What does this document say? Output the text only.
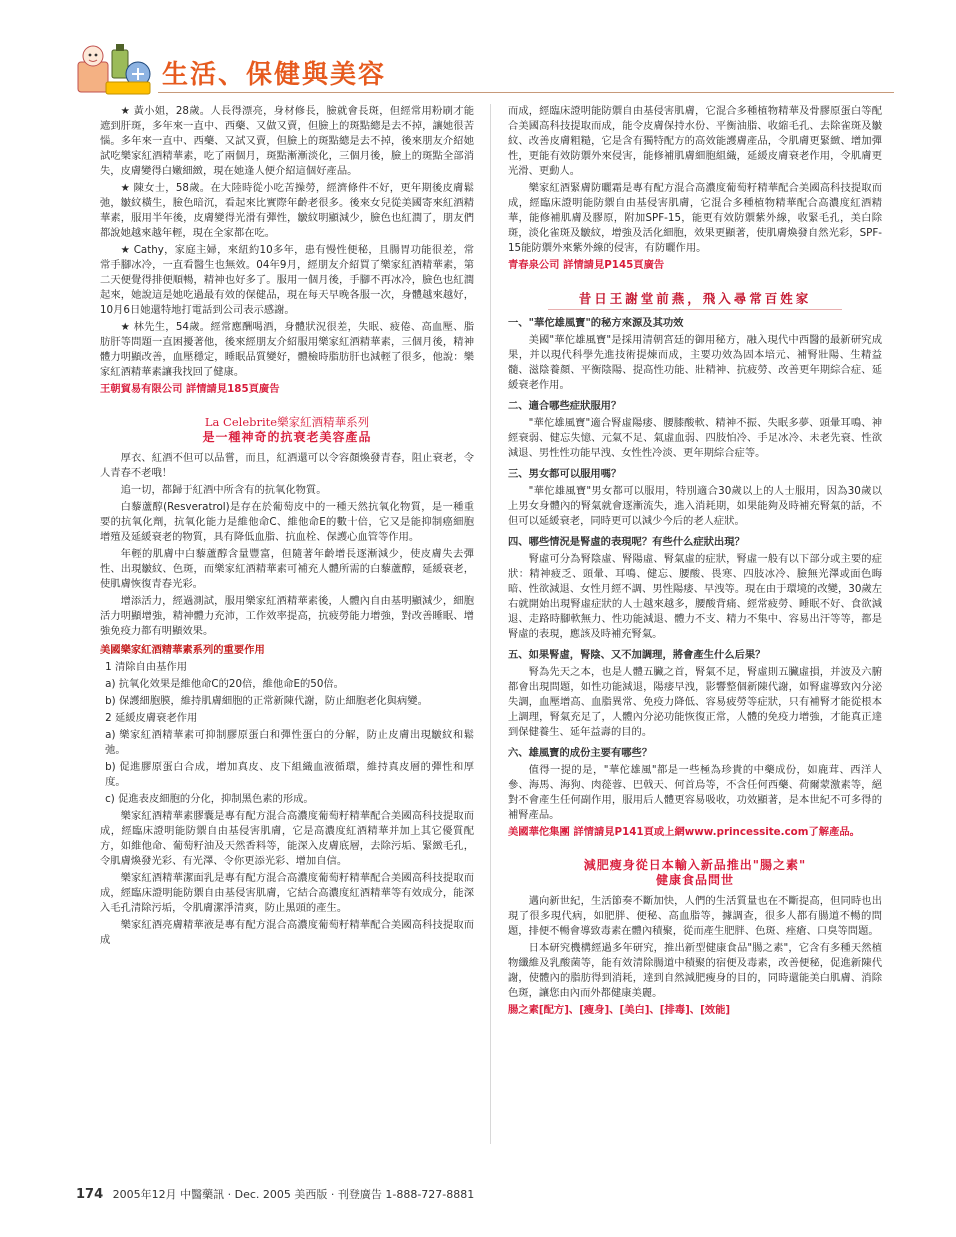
生活、保健與美容

★ 黃小姐，28歲。人長得漂亮，身材修長，臉就會長斑，但經常用粉刷才能遮到肝斑，多年來一直中、西藥、又做又賣，但臉上的斑點總是去不掉，讓她很苦惱。多年來一直中、西藥、又試又賣，但臉上的斑點總是去不掉，後來朋友介紹她試吃樂家紅酒精華素，吃了兩個月，斑點漸漸淡化，三個月後，臉上的斑點全部消失，皮膚變得白嫩細緻，現在她逢人便介紹這個好產品。

★ 陳女士，58歲。在大陸時從小吃苦操勞，經濟條件不好，更年期後皮膚鬆弛，皺紋橫生，臉色暗沉，看起來比實際年齡老很多。後來女兒從美國寄來紅酒精華素，服用半年後，皮膚變得光滑有彈性，皺紋明顯減少，臉色也紅潤了，朋友們都說她越來越年輕，現在全家都在吃。

★ Cathy，家庭主婦，來紐約10多年，患有慢性便秘，且腸胃功能很差，常常手腳冰冷，一直看醫生也無效。04年9月，經朋友介紹買了樂家紅酒精華素，第二天便覺得排便順暢，精神也好多了。服用一個月後，手腳不再冰冷，臉色也紅潤起來，她說這是她吃過最有效的保健品，現在每天早晚各服一次，身體越來越好，10月6日她還特地打電話到公司表示感謝。

★ 林先生，54歲。經常應酬喝酒，身體狀況很差，失眠、疲倦、高血壓、脂肪肝等問題一直困擾著他，後來經朋友介紹服用樂家紅酒精華素，三個月後，精神體力明顯改善，血壓穩定，睡眠品質變好，體檢時脂肪肝也減輕了很多，他說：樂家紅酒精華素讓我找回了健康。

王朝貿易有限公司 詳情請見185頁廣告
La Celebrite樂家紅酒精華系列
是一種神奇的抗衰老美容產品

厚衣、紅酒不但可以品嘗，而且，紅酒還可以令容顏煥發青春，阻止衰老，令人青春不老哦！

追一切，都歸于紅酒中所含有的抗氧化物質。

白藜蘆醇(Resveratrol)是存在於葡萄皮中的一種天然抗氧化物質，是一種重要的抗氧化劑，抗氧化能力是維他命C、維他命E的數十倍，它又是能抑制癌細胞增殖及延緩衰老的物質，具有降低血脂、抗血栓、保護心血管等作用。

年輕的肌膚中白藜蘆醇含量豐富，但隨著年齡增長逐漸減少，使皮膚失去彈性、出現皺紋、色斑，而樂家紅酒精華素可補充人體所需的白藜蘆醇，延緩衰老，使肌膚恢復青春光彩。

增添活力，經過測試，服用樂家紅酒精華素後，人體內自由基明顯減少，細胞活力明顯增強，精神體力充沛，工作效率提高，抗疲勞能力增強，對改善睡眠、增強免疫力都有明顯效果。

美國樂家紅酒精華素系列的重要作用
1 清除自由基作用
a) 抗氧化效果是維他命C的20倍，維他命E的50倍。
b) 保護細胞膜，維持肌膚細胞的正常新陳代謝，防止細胞老化與病變。
2 延緩皮膚衰老作用
a) 樂家紅酒精華素可抑制膠原蛋白和彈性蛋白的分解，防止皮膚出現皺紋和鬆弛。
b) 促進膠原蛋白合成，增加真皮、皮下組織血液循環，維持真皮層的彈性和厚度。
c) 促進表皮細胞的分化，抑制黑色素的形成。

樂家紅酒精華素膠囊是專有配方混合高濃度葡萄籽精華配合美國高科技提取而成，經臨床證明能防禦自由基侵害肌膚，它是高濃度紅酒精華并加上其它優質配方，如維他命、葡萄籽油及天然香料等，能深入皮膚底層，去除污垢、緊緻毛孔，令肌膚煥發光彩、有光澤、令你更添光彩、增加自信。

樂家紅酒精華潔面乳是專有配方混合高濃度葡萄籽精華配合美國高科技提取而成，經臨床證明能防禦自由基侵害肌膚，它結合高濃度紅酒精華等有效成分，能深入毛孔清除污垢，令肌膚潔淨清爽，防止黑頭的產生。

樂家紅酒亮膚精華液是專有配方混合高濃度葡萄籽精華配合美國高科技提取而成

而成，經臨床證明能防禦自由基侵害肌膚，它混合多種植物精華及骨膠原蛋白等配合美國高科技提取而成，能令皮膚保持水份、平衡油脂、收縮毛孔、去除雀斑及皺紋、改善皮膚粗糙，它是含有獨特配方的高效能護膚產品，令肌膚更緊緻、增加彈性，更能有效防禦外來侵害，能修補肌膚細胞組織，延緩皮膚衰老作用，令肌膚更光滑、更動人。

樂家紅酒緊膚防曬霜是專有配方混合高濃度葡萄籽精華配合美國高科技提取而成，經臨床證明能防禦自由基侵害肌膚，它混合多種植物精華配合高濃度紅酒精華，能修補肌膚及膠原，附加SPF-15，能更有效防禦紫外線，收緊毛孔，美白除斑，淡化雀斑及皺紋，增強及活化細胞，效果更顯著，使肌膚煥發自然光彩，SPF-15能防禦外來紫外線的侵害，有防曬作用。

青春泉公司 詳情請見P145頁廣告
昔日王謝堂前燕，飛入尋常百姓家
一、"華佗雄風寶"的秘方來源及其功效

美國"華佗雄風寶"是採用清朝宮廷的御用秘方，融入現代中西醫的最新研究成果，并以現代科學先進技術提煉而成，主要功效為固本培元、補腎壯陽、生精益髓、滋陰養顏、平衡陰陽、提高性功能、壯精神、抗疲勞、改善更年期綜合症、延緩衰老作用。

二、適合哪些症狀服用？

"華佗雄風寶"適合腎虛陽痿、腰膝酸軟、精神不振、失眠多夢、頭暈耳鳴、神經衰弱、健忘失憶、元氣不足、氣虛血弱、四肢怕冷、手足冰冷、未老先衰、性欲減退、男性性功能早洩、女性性冷淡、更年期綜合症等。

三、男女都可以服用嗎？

"華佗雄風寶"男女都可以服用，特別適合30歲以上的人士服用，因為30歲以上男女身體內的腎氣就會逐漸流失，進入消耗期，如果能夠及時補充腎氣的話，不但可以延緩衰老，同時更可以減少今后的老人症狀。

四、哪些情況是腎虛的表現呢？有些什么症狀出現？

腎虛可分為腎陰虛、腎陽虛、腎氣虛的症狀，腎虛一般有以下部分或主要的症狀：精神疲乏、頭暈、耳鳴、健忘、腰酸、畏寒、四肢冰冷、臉無光澤或面色晦暗、性欲減退、女性月經不調、男性陽痿、早洩等。現在由于環境的改變，30歲左右就開始出現腎虛症狀的人士越來越多，腰酸背痛、經常疲勞、睡眠不好、食欲減退、走路時腳軟無力、性功能減退、體力不支、精力不集中、容易出汗等等，都是腎虛的表現，應該及時補充腎氣。

五、如果腎虛，腎陰、又不加調理，將會產生什么后果？

腎為先天之本，也是人體五臟之首，腎氣不足，腎虛則五臟虛損，并波及六腑都會出現問題，如性功能減退，陽痿早洩，影響整個新陳代謝，如腎虛導致內分泌失調，血壓增高、血脂異常、免疫力降低、容易疲勞等症狀，只有補腎才能從根本上調理，腎氣充足了，人體內分泌功能恢復正常，人體的免疫力增強，才能真正達到保健養生、延年益壽的目的。

六、雄風寶的成份主要有哪些？

值得一提的是，"華佗雄風"都是一些極為珍貴的中藥成份，如鹿茸、西洋人參、海馬、海狗、肉蓯蓉、巴戟天、何首烏等，不含任何西藥、荷爾蒙激素等，絕對不會產生任何副作用，服用后人體更容易吸收，功效顯著，是本世紀不可多得的補腎產品。

美國華佗集團 詳情請見P141頁或上網www.princessite.com了解產品。
減肥瘦身從日本輸入新品推出"腸之素"
健康食品問世

邁向新世紀，生活節奏不斷加快，人們的生活質量也在不斷提高，但同時也出現了很多現代病，如肥胖、便秘、高血脂等，據調查，很多人都有腸道不暢的問題，排便不暢會導致毒素在體內積聚，從而產生肥胖、色斑、痤瘡、口臭等問題。

日本研究機構經過多年研究，推出新型健康食品"腸之素"，它含有多種天然植物纖維及乳酸菌等，能有效清除腸道中積聚的宿便及毒素，改善便秘，促進新陳代謝，使體內的脂肪得到消耗，達到自然減肥瘦身的目的，同時還能美白肌膚、消除色斑，讓您由內而外都健康美麗。

腸之素[配方]、[瘦身]、[美白]、[排毒]、[效能]
174 2005年12月 中醫藥訊 · Dec. 2005 美西版 · 刊登廣告 1-888-727-8881
